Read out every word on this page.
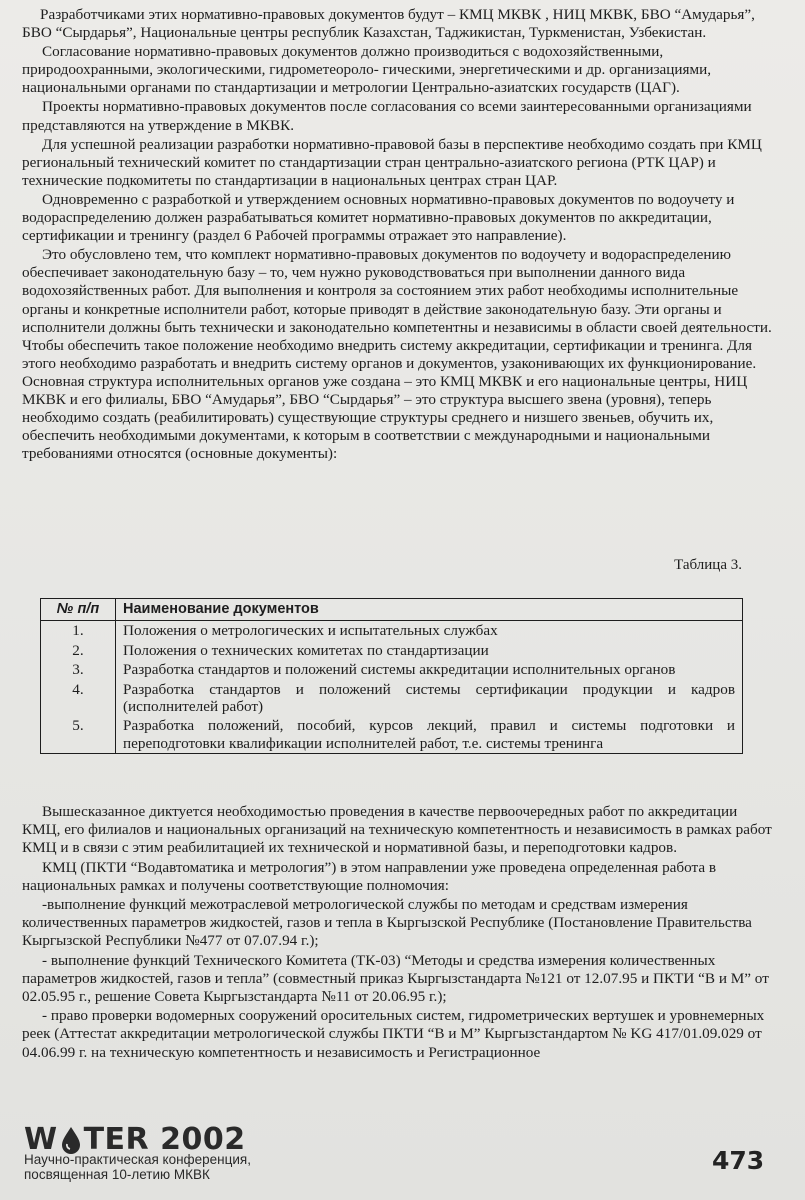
Разработчиками этих нормативно-правовых документов будут – КМЦ МКВК , НИЦ МКВК, БВО “Амударья”, БВО “Сырдарья”, Национальные центры республик Казахстан, Таджикистан, Туркменистан, Узбекистан.

Согласование нормативно-правовых документов должно производиться с водохозяйственными, природоохранными, экологическими, гидрометеороло- гическими, энергетическими и др. организациями, национальными органами по стандартизации и метрологии Центрально-азиатских государств (ЦАГ).

Проекты нормативно-правовых документов после согласования со всеми заинтересованными организациями представляются на утверждение в МКВК.

Для успешной реализации разработки нормативно-правовой базы в перспективе необходимо создать при КМЦ региональный технический комитет по стандартизации стран центрально-азиатского региона (РТК ЦАР) и технические подкомитеты по стандартизации в национальных центрах стран ЦАР.

Одновременно с разработкой и утверждением основных нормативно-правовых документов по водоучету и водораспределению должен разрабатываться комитет нормативно-правовых документов по аккредитации, сертификации и тренингу (раздел 6 Рабочей программы отражает это направление).

Это обусловлено тем, что комплект нормативно-правовых документов по водоучету и водораспределению обеспечивает законодательную базу – то, чем нужно руководствоваться при выполнении данного вида водохозяйственных работ. Для выполнения и контроля за состоянием этих работ необходимы исполнительные органы и конкретные исполнители работ, которые приводят в действие законодательную базу. Эти органы и исполнители должны быть технически и законодательно компетентны и независимы в области своей деятельности. Чтобы обеспечить такое положение необходимо внедрить систему аккредитации, сертификации и тренинга. Для этого необходимо разработать и внедрить систему органов и документов, узаконивающих их функционирование. Основная структура исполнительных органов уже создана – это КМЦ МКВК и его национальные центры, НИЦ МКВК и его филиалы, БВО “Амударья”, БВО “Сырдарья” – это структура высшего звена (уровня), теперь необходимо создать (реабилитировать) существующие структуры среднего и низшего звеньев, обучить их, обеспечить необходимыми документами, к которым в соответствии с международными и национальными требованиями относятся (основные документы):

Таблица 3.
№ п/п	Наименование документов
1.	Положения о метрологических и испытательных службах
2.	Положения о технических комитетах по стандартизации
3.	Разработка стандартов и положений системы аккредитации исполнительных органов
4.	Разработка стандартов и положений системы сертификации продукции и кадров (исполнителей работ)
5.	Разработка положений, пособий, курсов лекций, правил и системы подготовки и переподготовки квалификации исполнителей работ, т.е. системы тренинга

Вышесказанное диктуется необходимостью проведения в качестве первоочередных работ по аккредитации КМЦ, его филиалов и национальных организаций на техническую компетентность и независимость в рамках работ КМЦ и в связи с этим реабилитацией их технической и нормативной базы, и переподготовки кадров.

КМЦ (ПКТИ “Водавтоматика и метрология”) в этом направлении уже проведена определенная работа в национальных рамках и получены соответствующие полномочия:

-выполнение функций межотраслевой метрологической службы по методам и средствам измерения количественных параметров жидкостей, газов и тепла в Кыргызской Республике (Постановление Правительства Кыргызской Республики №477 от 07.07.94 г.);

- выполнение функций Технического Комитета (ТК-03) “Методы и средства измерения количественных параметров жидкостей, газов и тепла” (совместный приказ Кыргызстандарта №121 от 12.07.95 и ПКТИ “В и М” от 02.05.95 г., решение Совета Кыргызстандарта №11 от 20.06.95 г.);

- право проверки водомерных сооружений оросительных систем, гидрометрических вертушек и уровнемерных реек (Аттестат аккредитации метрологической службы ПКТИ “В и М” Кыргызстандартом № KG 417/01.09.029 от 04.06.99 г. на техническую компетентность и независимость и Регистрационное

W TER 2002
Научно-практическая конференция,
посвященная 10-летию МКВК	473
